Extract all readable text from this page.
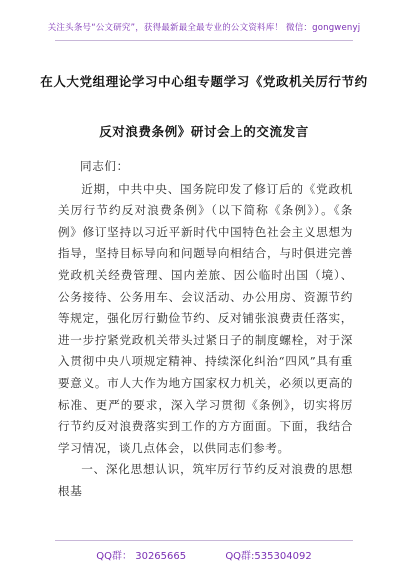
关注头条号“公文研究”，获得最新最全最专业的公文资料库！ 微信：gongwenyj
在人大党组理论学习中心组专题学习《党政机关厉行节约
反对浪费条例》研讨会上的交流发言

同志们：

近期，中共中央、国务院印发了修订后的《党政机关厉行节约反对浪费条例》（以下简称《条例》）。《条例》修订坚持以习近平新时代中国特色社会主义思想为指导，坚持目标导向和问题导向相结合，与时俱进完善党政机关经费管理、国内差旅、因公临时出国（境）、公务接待、公务用车、会议活动、办公用房、资源节约等规定，强化厉行勤俭节约、反对铺张浪费责任落实，进一步拧紧党政机关带头过紧日子的制度螺栓，对于深入贯彻中央八项规定精神、持续深化纠治“四风”具有重要意义。市人大作为地方国家权力机关，必须以更高的标准、更严的要求，深入学习贯彻《条例》，切实将厉行节约反对浪费落实到工作的方方面面。下面，我结合学习情况，谈几点体会，以供同志们参考。

一、深化思想认识，筑牢厉行节约反对浪费的思想根基

QQ群： 30265665	QQ群:535304092
